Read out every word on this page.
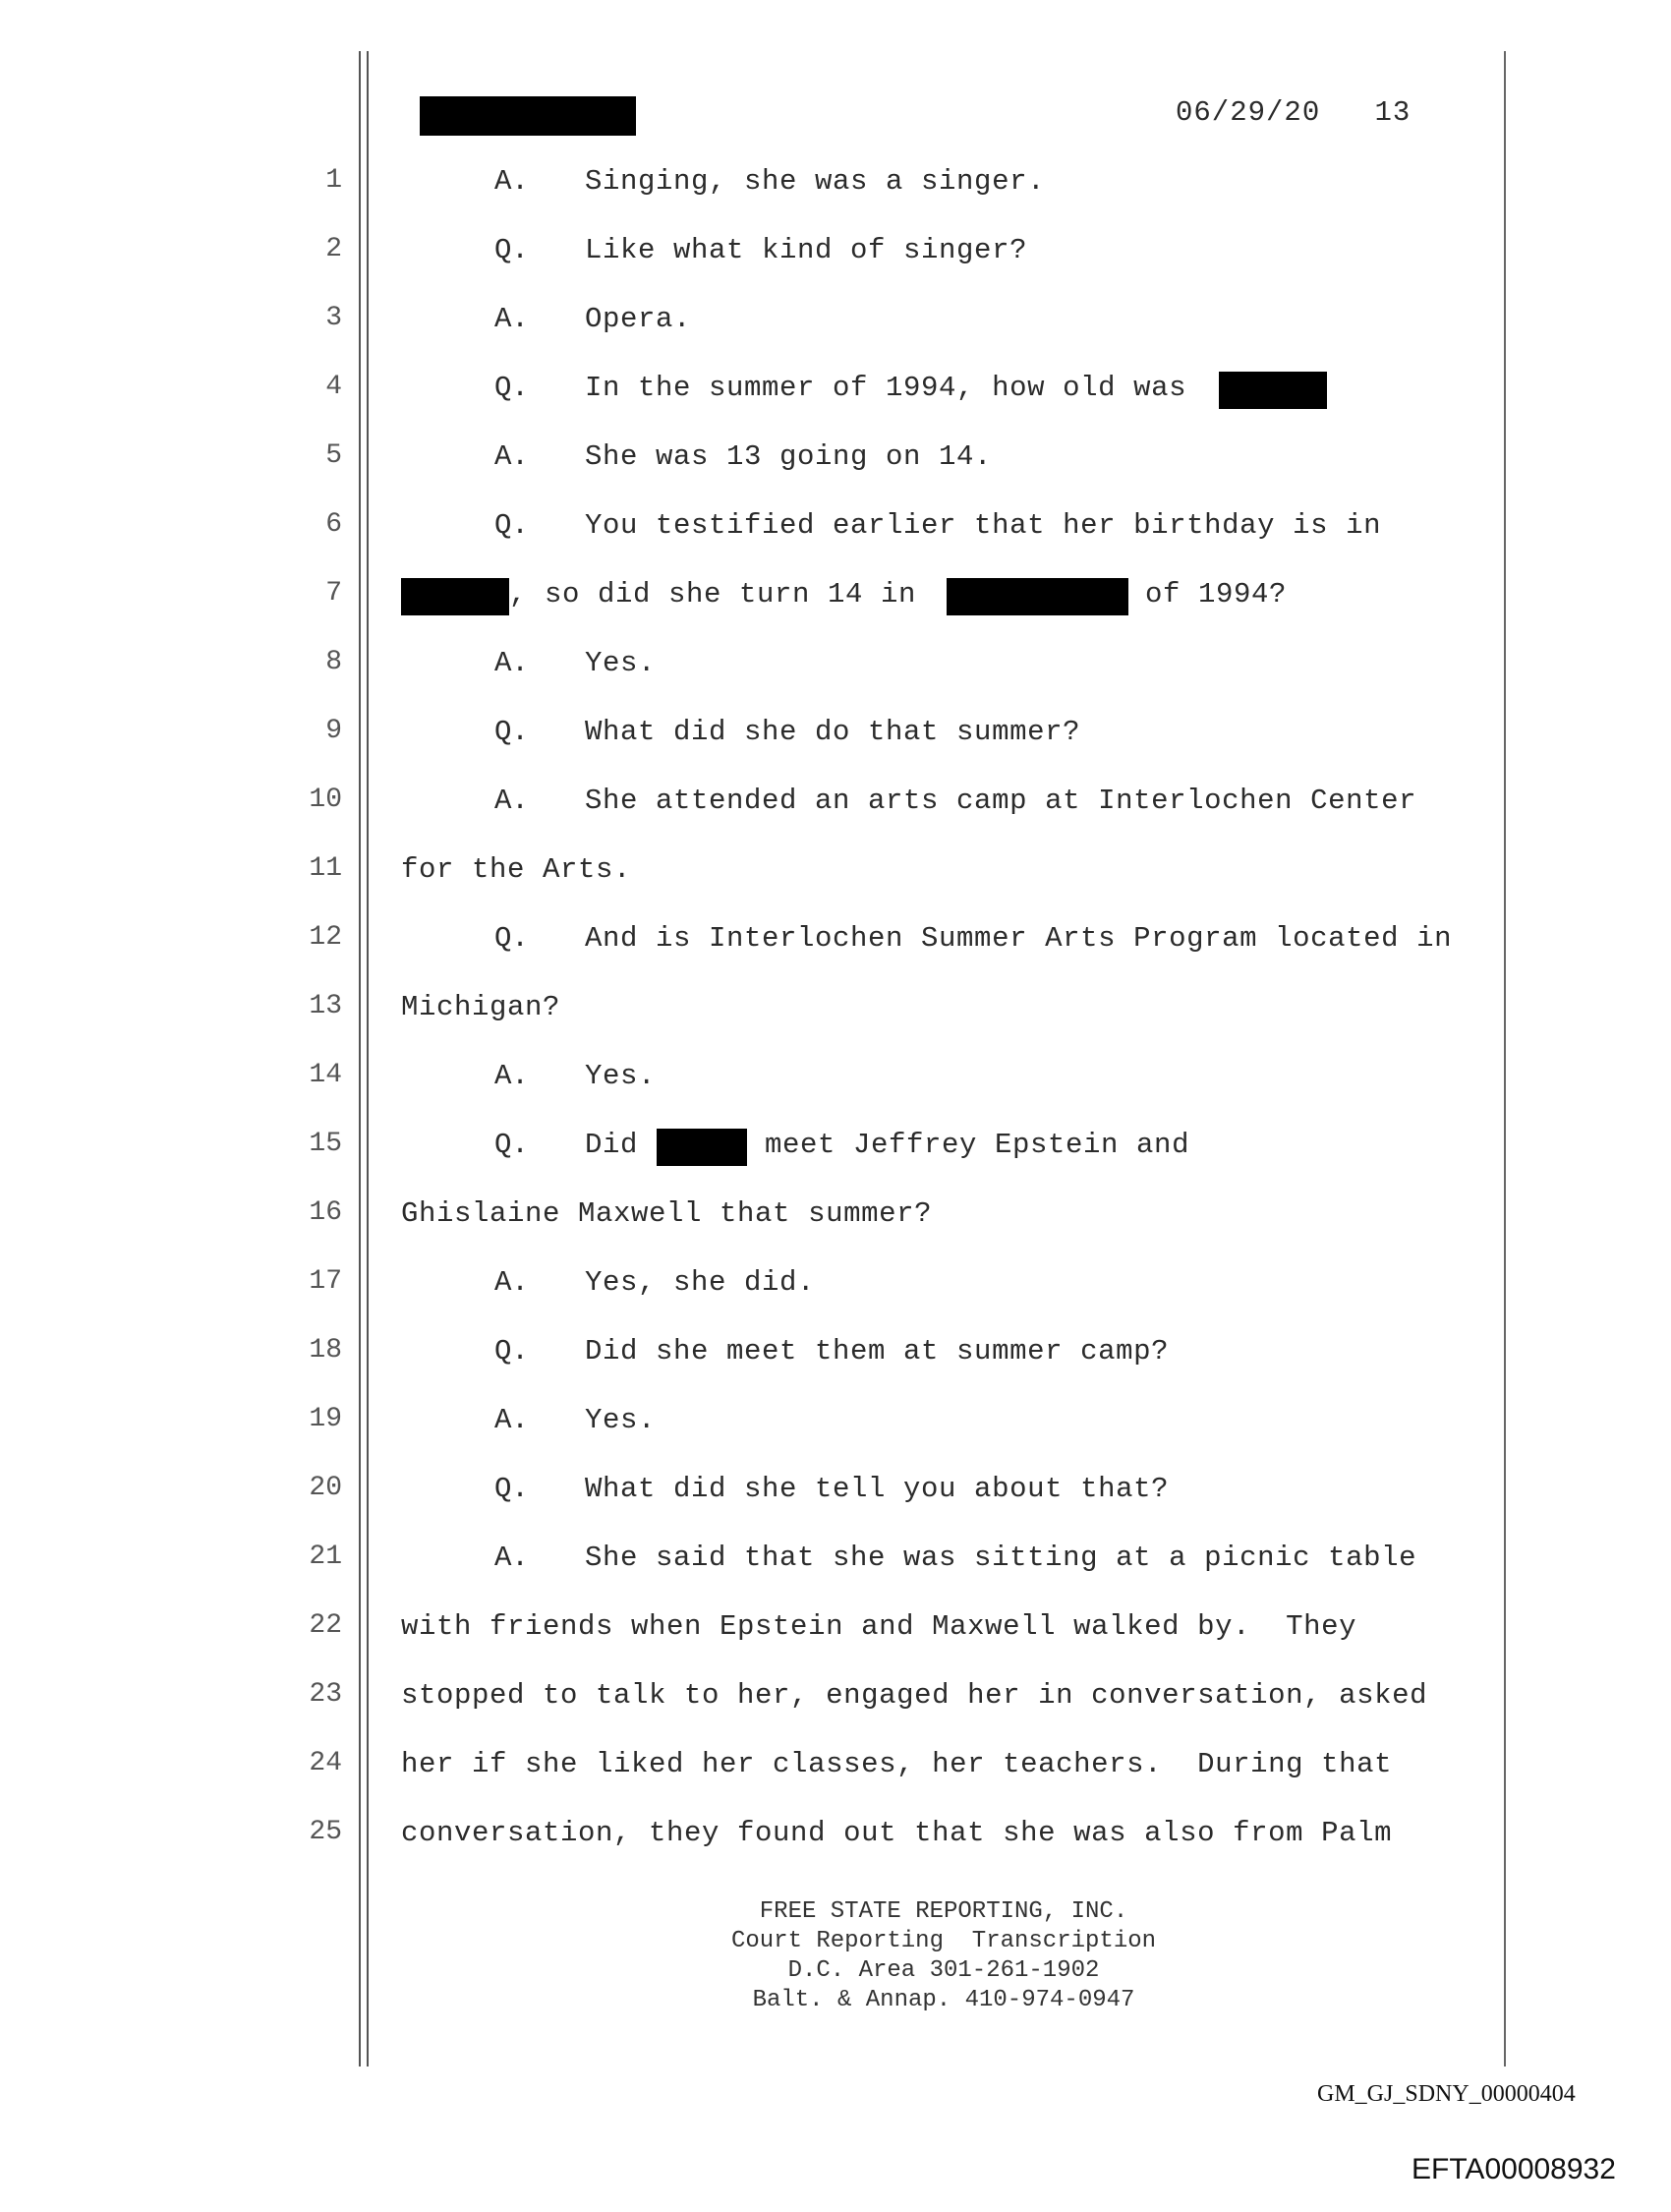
06/29/20 13
1	A. Singing, she was a singer.
2	Q. Like what kind of singer?
3	A. Opera.
4	Q. In the summer of 1994, how old was
5	A. She was 13 going on 14.
6	Q. You testified earlier that her birthday is in
7	, so did she turn 14 in	of 1994?
8	A. Yes.
9	Q. What did she do that summer?
10	A. She attended an arts camp at Interlochen Center
11 for the Arts.
12	Q. And is Interlochen Summer Arts Program located in
13 Michigan?
14	A. Yes.
15	Q. Did	meet Jeffrey Epstein and
16 Ghislaine Maxwell that summer?
17	A. Yes, she did.
18	Q. Did she meet them at summer camp?
19	A. Yes.
20	Q. What did she tell you about that?
21	A. She said that she was sitting at a picnic table
22 with friends when Epstein and Maxwell walked by.  They
23 stopped to talk to her, engaged her in conversation, asked
24 her if she liked her classes, her teachers.  During that
25 conversation, they found out that she was also from Palm
FREE STATE REPORTING, INC.
Court Reporting  Transcription
D.C. Area 301-261-1902
Balt. & Annap. 410-974-0947
GM_GJ_SDNY_00000404
EFTA00008932
